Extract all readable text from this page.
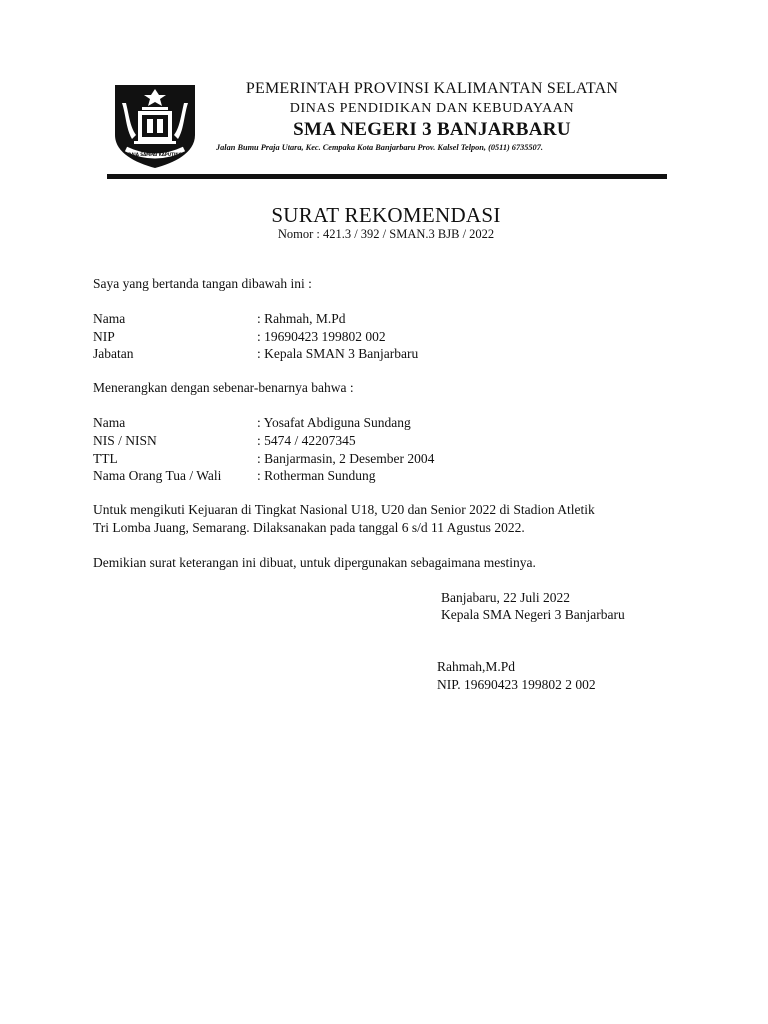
BAJA SAMPAI KAPUTING
PEMERINTAH PROVINSI KALIMANTAN SELATAN
DINAS PENDIDIKAN DAN KEBUDAYAAN
SMA NEGERI 3 BANJARBARU
Jalan Bumu Praja Utara, Kec. Cempaka Kota Banjarbaru Prov. Kalsel Telpon, (0511) 6735507.
SURAT REKOMENDASI
Nomor : 421.3 / 392 / SMAN.3 BJB / 2022
Saya yang bertanda tangan dibawah ini :
Nama	: Rahmah, M.Pd
NIP	: 19690423 199802 002
Jabatan	: Kepala SMAN 3 Banjarbaru
Menerangkan dengan sebenar-benarnya bahwa :
Nama	: Yosafat Abdiguna Sundang
NIS / NISN	: 5474 / 42207345
TTL	: Banjarmasin, 2 Desember 2004
Nama Orang Tua / Wali	: Rotherman Sundung
Untuk mengikuti Kejuaran di Tingkat Nasional U18, U20 dan Senior 2022 di Stadion Atletik
Tri Lomba Juang, Semarang. Dilaksanakan pada tanggal 6 s/d 11 Agustus 2022.
Demikian surat keterangan ini dibuat, untuk dipergunakan sebagaimana mestinya.
Banjabaru, 22 Juli 2022
Kepala SMA Negeri 3 Banjarbaru
Rahmah,M.Pd
NIP. 19690423 199802 2 002
